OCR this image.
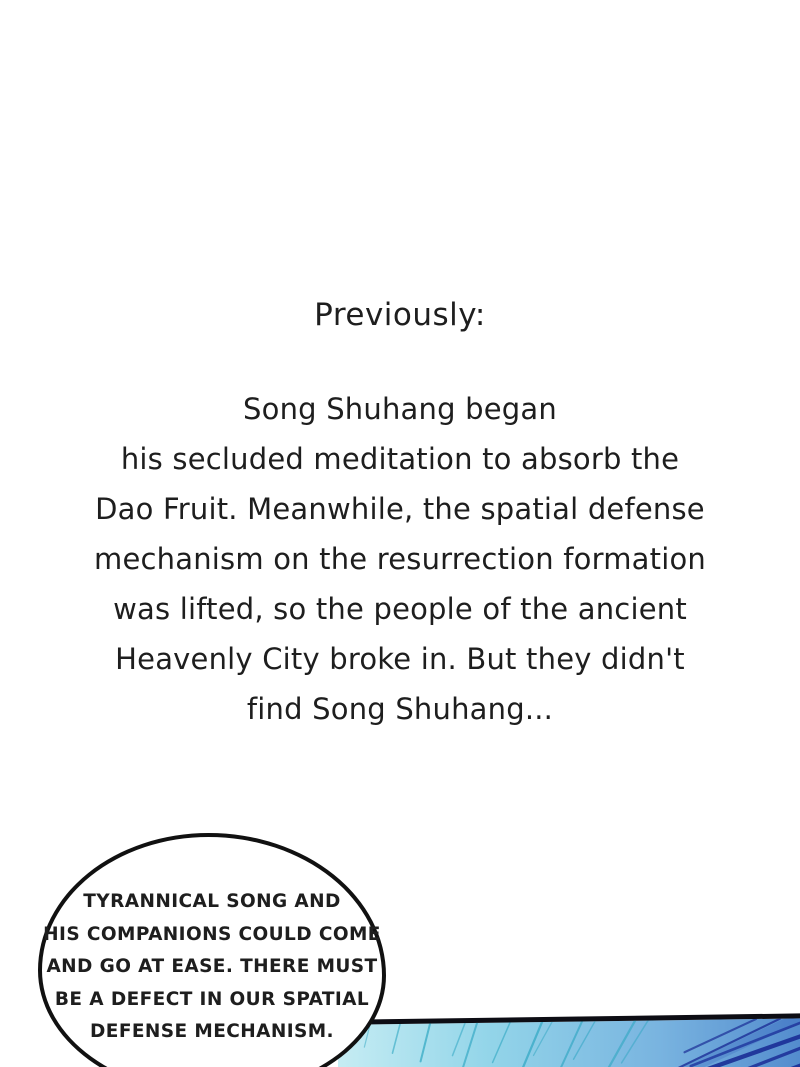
Previously:
Song Shuhang began
his secluded meditation to absorb the
Dao Fruit. Meanwhile, the spatial defense
mechanism on the resurrection formation
was lifted, so the people of the ancient
Heavenly City broke in. But they didn't
find Song Shuhang...
TYRANNICAL SONG AND
HIS COMPANIONS COULD COME
AND GO AT EASE. THERE MUST
BE A DEFECT IN OUR SPATIAL
DEFENSE MECHANISM.
